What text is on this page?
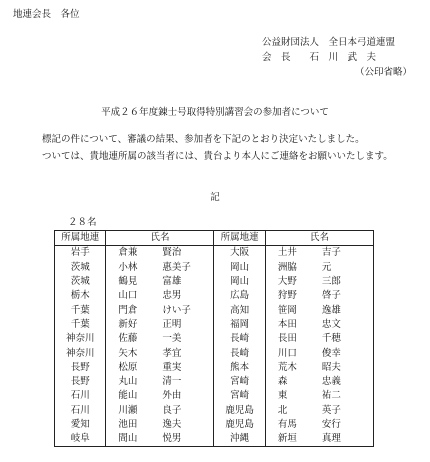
地連会長　各位
公益財団法人　全日本弓道連盟
会　長　　石　川　武　夫
（公印省略）
平成２６年度錬士号取得特別講習会の参加者について
標記の件について、審議の結果、参加者を下記のとおり決定いたしました。
ついては、貴地連所属の該当者には、貴台より本人にご連絡をお願いいたします。
記
２８名
所属地連	氏名	所属地連	氏名
岩手	倉兼 賢治	大阪	土井 吉子
茨城	小林 惠美子	岡山	洲脇 元
茨城	鶴見 富雄	岡山	大野 三郎
栃木	山口 忠男	広島	狩野 啓子
千葉	門倉 けい子	高知	笹岡 逸雄
千葉	新好 正明	福岡	本田 忠文
神奈川	佐藤 一美	長崎	長田 千穂
神奈川	矢木 孝宜	長崎	川口 俊幸
長野	松原 重実	熊本	荒木 昭夫
長野	丸山 清一	宮崎	森 忠義
石川	能山 外由	宮崎	東 祐二
石川	川瀬 良子	鹿児島	北 英子
愛知	池田 逸夫	鹿児島	有馬 安行
岐阜	間山 悦男	沖縄	新垣 真理
